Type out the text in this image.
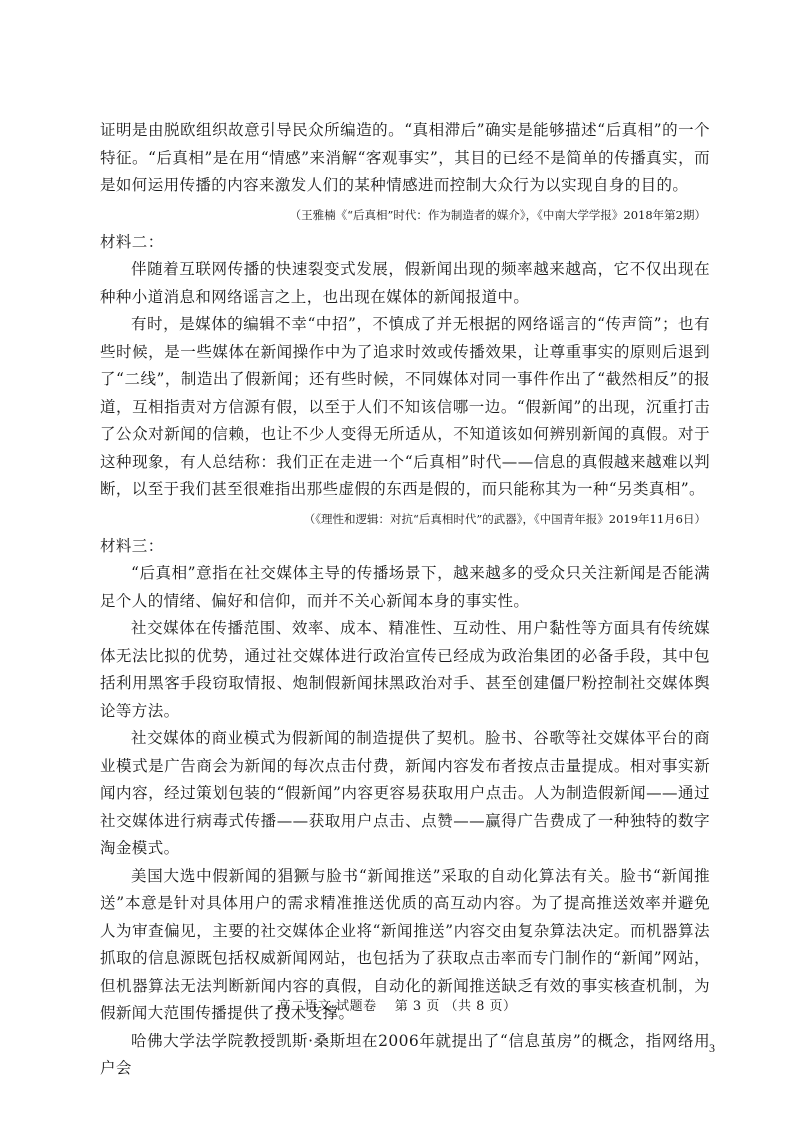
证明是由脱欧组织故意引导民众所编造的。“真相滞后”确实是能够描述“后真相”的一个特征。“后真相”是在用“情感”来消解“客观事实”，其目的已经不是简单的传播真实，而是如何运用传播的内容来激发人们的某种情感进而控制大众行为以实现自身的目的。

（王雅楠《“后真相”时代：作为制造者的媒介》，《中南大学学报》2018年第2期）

材料二：

伴随着互联网传播的快速裂变式发展，假新闻出现的频率越来越高，它不仅出现在种种小道消息和网络谣言之上，也出现在媒体的新闻报道中。

有时，是媒体的编辑不幸“中招”，不慎成了并无根据的网络谣言的“传声筒”；也有些时候，是一些媒体在新闻操作中为了追求时效或传播效果，让尊重事实的原则后退到了“二线”，制造出了假新闻；还有些时候，不同媒体对同一事件作出了“截然相反”的报道，互相指责对方信源有假，以至于人们不知该信哪一边。“假新闻”的出现，沉重打击了公众对新闻的信赖，也让不少人变得无所适从，不知道该如何辨别新闻的真假。对于这种现象，有人总结称：我们正在走进一个“后真相”时代——信息的真假越来越难以判断，以至于我们甚至很难指出那些虚假的东西是假的，而只能称其为一种“另类真相”。

（《理性和逻辑：对抗“后真相时代”的武器》，《中国青年报》2019年11月6日）

材料三：

“后真相”意指在社交媒体主导的传播场景下，越来越多的受众只关注新闻是否能满足个人的情绪、偏好和信仰，而并不关心新闻本身的事实性。

社交媒体在传播范围、效率、成本、精准性、互动性、用户黏性等方面具有传统媒体无法比拟的优势，通过社交媒体进行政治宣传已经成为政治集团的必备手段，其中包括利用黑客手段窃取情报、炮制假新闻抹黑政治对手、甚至创建僵尸粉控制社交媒体舆论等方法。

社交媒体的商业模式为假新闻的制造提供了契机。脸书、谷歌等社交媒体平台的商业模式是广告商会为新闻的每次点击付费，新闻内容发布者按点击量提成。相对事实新闻内容，经过策划包装的“假新闻”内容更容易获取用户点击。人为制造假新闻——通过社交媒体进行病毒式传播——获取用户点击、点赞——赢得广告费成了一种独特的数字淘金模式。

美国大选中假新闻的猖獗与脸书“新闻推送”采取的自动化算法有关。脸书“新闻推送”本意是针对具体用户的需求精准推送优质的高互动内容。为了提高推送效率并避免人为审查偏见，主要的社交媒体企业将“新闻推送”内容交由复杂算法决定。而机器算法抓取的信息源既包括权威新闻网站，也包括为了获取点击率而专门制作的“新闻”网站，但机器算法无法判断新闻内容的真假，自动化的新闻推送缺乏有效的事实核查机制，为假新闻大范围传播提供了技术支撑。

哈佛大学法学院教授凯斯·桑斯坦在2006年就提出了“信息茧房”的概念，指网络用户会

高二语文 试题卷　 第 3 页 （共 8 页）
3
